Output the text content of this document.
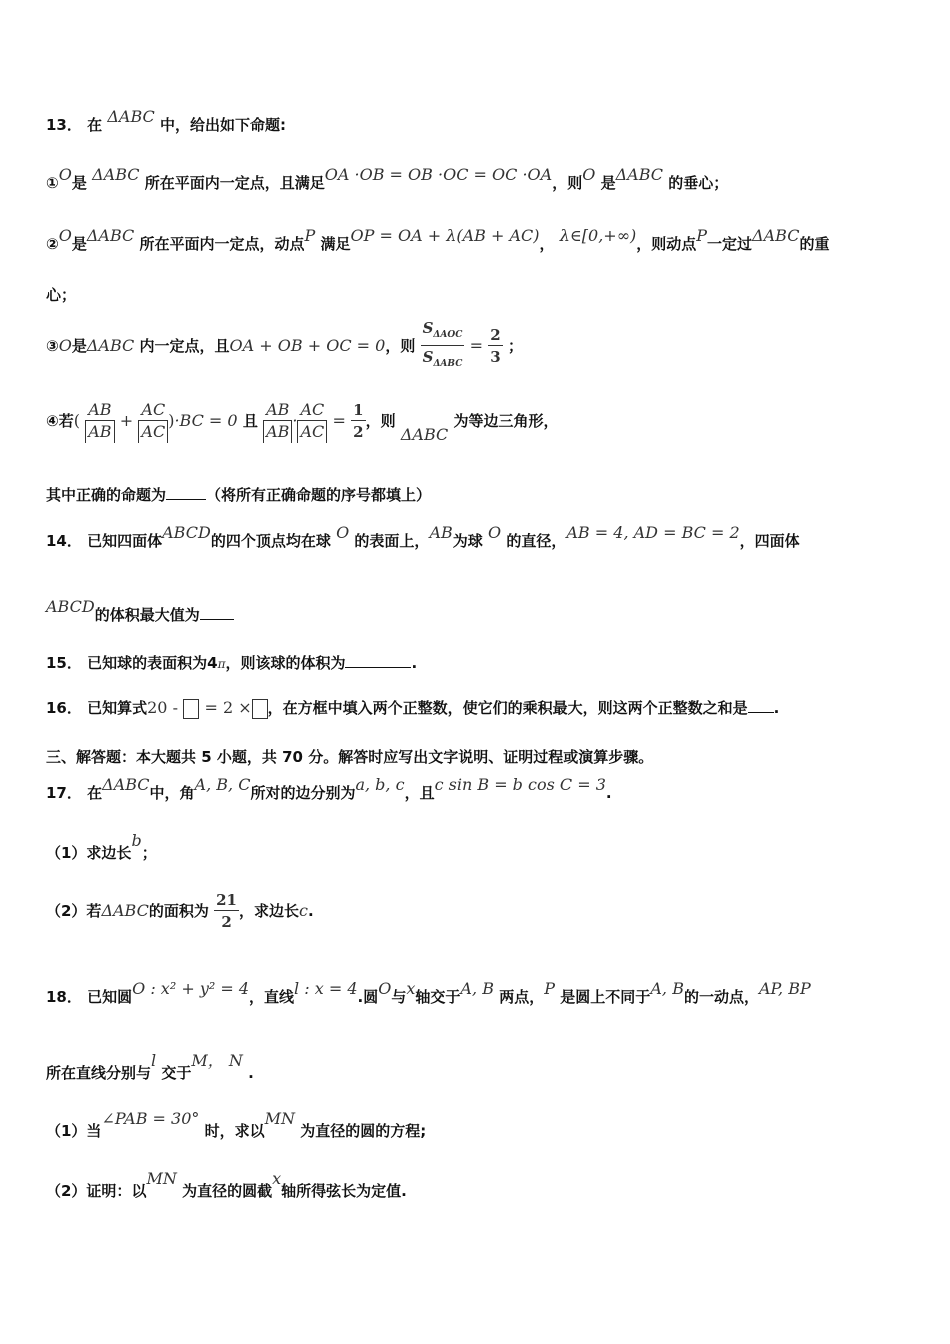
13． 在 ΔABC 中，给出如下命题:
①O是 ΔABC 所在平面内一定点，且满足OA ·OB = OB ·OC = OC ·OA，则O 是ΔABC 的垂心；
②O是ΔABC 所在平面内一定点，动点P 满足OP = OA + λ(AB + AC)， λ∈[0,+∞)，则动点P一定过ΔABC的重
心；
③O是ΔABC 内一定点，且OA + OB + OC = 0，则 $\frac{S_{\Delta AOC}}{S_{\Delta ABC}} = \frac{2}{3}$ ；
④若( $\frac{AB}{AB} + \frac{AC}{AC} )\cdot BC = 0$ 且 $\frac{AB}{AB} \cdot \frac{AC}{AC} = \frac{1}{2}$ ，则 ΔABC 为等边三角形，
其中正确的命题为	（将所有正确命题的序号都填上）
14． 已知四面体ABCD的四个顶点均在球 O 的表面上，AB为球 O 的直径，AB = 4, AD = BC = 2，四面体
ABCD的体积最大值为
15． 已知球的表面积为4π，则该球的体积为	.
16． 已知算式20 - = 2 × ，在方框中填入两个正整数，使它们的乘积最大，则这两个正整数之和是 .
三、解答题：本大题共 5 小题，共 70 分。解答时应写出文字说明、证明过程或演算步骤。
17． 在ΔABC中，角A, B, C所对的边分别为a, b, c，且c sin B = b cos C = 3.
（1）求边长b；
（2）若ΔABC的面积为 $\frac{21}{2}$ ，求边长c.
18． 已知圆O : x² + y² = 4，直线l : x = 4.圆O与x轴交于A, B 两点，P 是圆上不同于A, B的一动点，AP, BP
所在直线分别与l 交于M， N .
（1）当∠PAB = 30° 时，求以MN 为直径的圆的方程;
（2）证明：以MN 为直径的圆截x轴所得弦长为定值.
